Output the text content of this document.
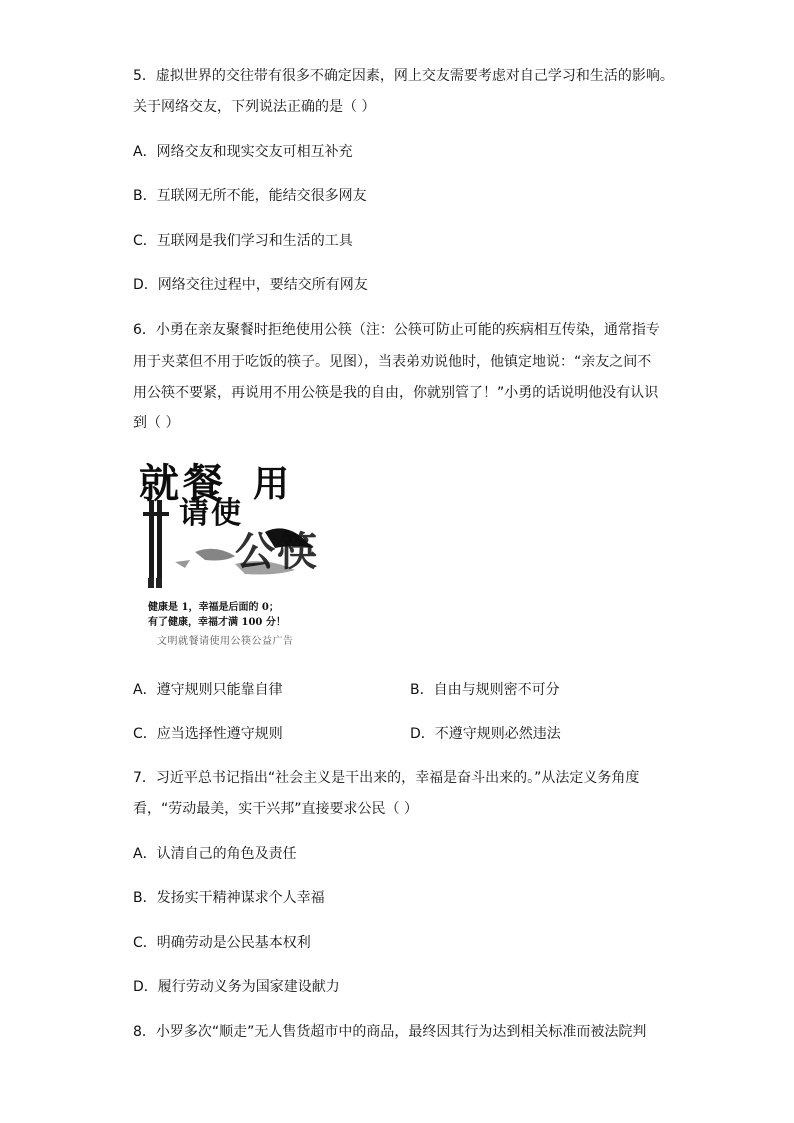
5．虚拟世界的交往带有很多不确定因素，网上交友需要考虑对自己学习和生活的影响。
关于网络交友，下列说法正确的是（ ）
A．网络交友和现实交友可相互补充
B．互联网无所不能，能结交很多网友
C．互联网是我们学习和生活的工具
D．网络交往过程中，要结交所有网友
6．小勇在亲友聚餐时拒绝使用公筷（注：公筷可防止可能的疾病相互传染，通常指专
用于夹菜但不用于吃饭的筷子。见图），当表弟劝说他时，他镇定地说：“亲友之间不
用公筷不要紧，再说用不用公筷是我的自由，你就别管了！”小勇的话说明他没有认识
到（ ）
就餐 用
请使
公筷
健康是 1，幸福是后面的 0；
有了健康，幸福才满 100 分！
文明就餐请使用公筷公益广告
A．遵守规则只能靠自律	B．自由与规则密不可分
C．应当选择性遵守规则	D．不遵守规则必然违法
7．习近平总书记指出“社会主义是干出来的，幸福是奋斗出来的。”从法定义务角度
看，“劳动最美，实干兴邦”直接要求公民（ ）
A．认清自己的角色及责任
B．发扬实干精神谋求个人幸福
C．明确劳动是公民基本权利
D．履行劳动义务为国家建设献力
8．小罗多次“顺走”无人售货超市中的商品，最终因其行为达到相关标准而被法院判
